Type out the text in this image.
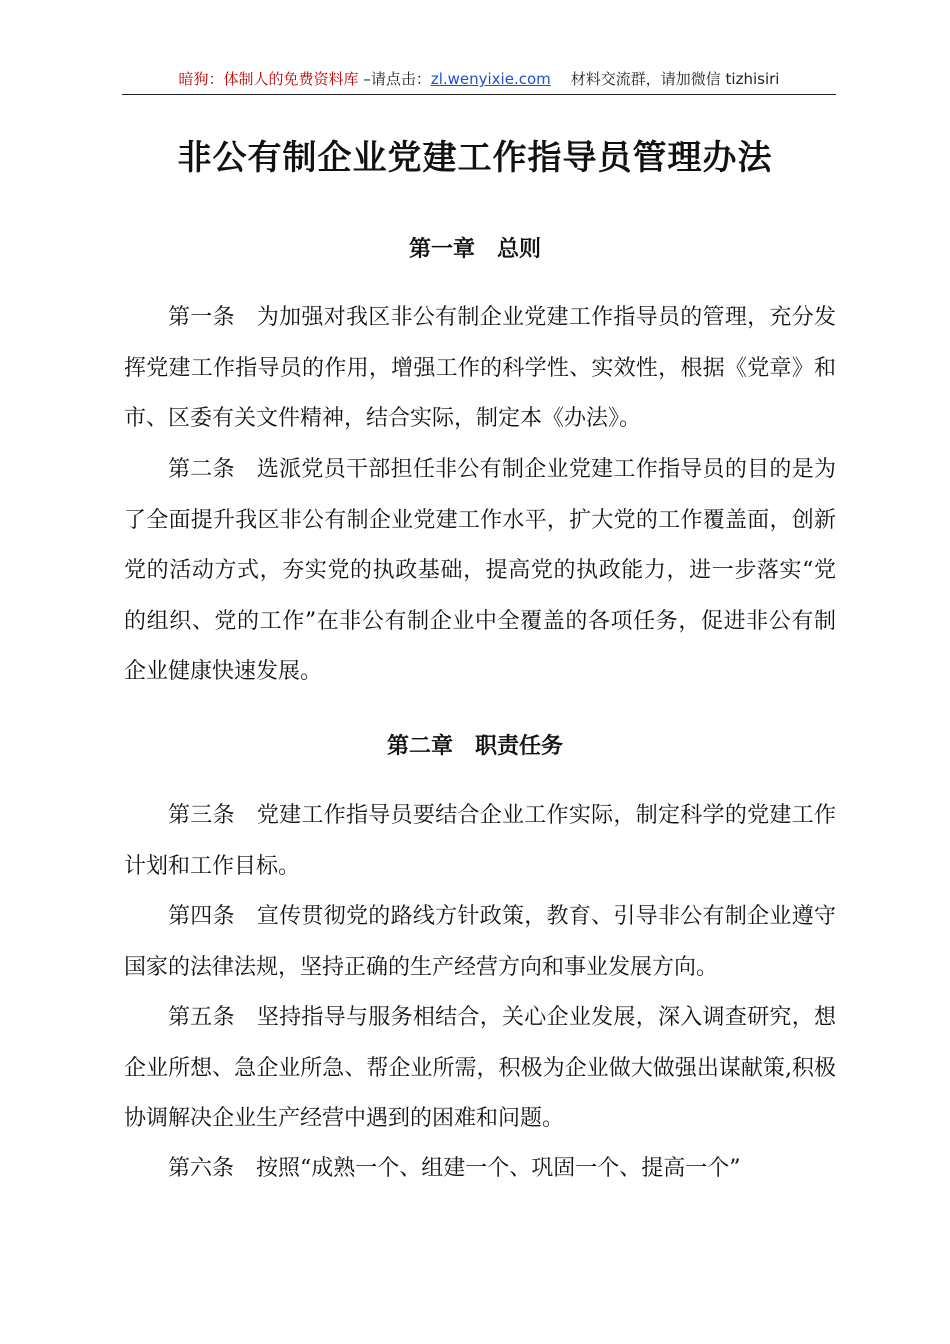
暗狗：体制人的免费资料库 –请点击：zl.wenyixie.com 材料交流群，请加微信 tizhisiri
非公有制企业党建工作指导员管理办法
第一章　总则
第一条 为加强对我区非公有制企业党建工作指导员的管理，充分发挥党建工作指导员的作用，增强工作的科学性、实效性，根据《党章》和市、区委有关文件精神，结合实际，制定本《办法》。
第二条 选派党员干部担任非公有制企业党建工作指导员的目的是为了全面提升我区非公有制企业党建工作水平，扩大党的工作覆盖面，创新党的活动方式，夯实党的执政基础，提高党的执政能力，进一步落实“党的组织、党的工作”在非公有制企业中全覆盖的各项任务，促进非公有制企业健康快速发展。
第二章　职责任务
第三条 党建工作指导员要结合企业工作实际，制定科学的党建工作计划和工作目标。
第四条 宣传贯彻党的路线方针政策，教育、引导非公有制企业遵守国家的法律法规，坚持正确的生产经营方向和事业发展方向。
第五条 坚持指导与服务相结合，关心企业发展，深入调查研究，想企业所想、急企业所急、帮企业所需，积极为企业做大做强出谋献策,积极协调解决企业生产经营中遇到的困难和问题。
第六条 按照“成熟一个、组建一个、巩固一个、提高一个”
